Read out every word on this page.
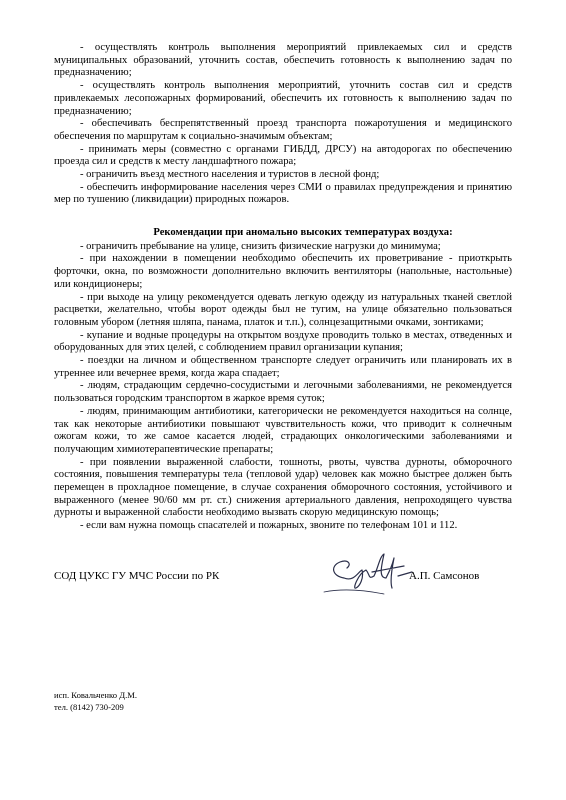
- осуществлять контроль выполнения мероприятий привлекаемых сил и средств муниципальных образований, уточнить состав, обеспечить готовность к выполнению задач по предназначению;

- осуществлять контроль выполнения мероприятий, уточнить состав сил и средств привлекаемых лесопожарных формирований, обеспечить их готовность к выполнению задач по предназначению;

- обеспечивать беспрепятственный проезд транспорта пожаротушения и медицинского обеспечения по маршрутам к социально-значимым объектам;

- принимать меры (совместно с органами ГИБДД, ДРСУ) на автодорогах по обеспечению проезда сил и средств к месту ландшафтного пожара;

- ограничить въезд местного населения и туристов в лесной фонд;

- обеспечить информирование населения через СМИ о правилах предупреждения и принятию мер по тушению (ликвидации) природных пожаров.

Рекомендации при аномально высоких температурах воздуха:

- ограничить пребывание на улице, снизить физические нагрузки до минимума;

- при нахождении в помещении необходимо обеспечить их проветривание - приоткрыть форточки, окна, по возможности дополнительно включить вентиляторы (напольные, настольные) или кондиционеры;

- при выходе на улицу рекомендуется одевать легкую одежду из натуральных тканей светлой расцветки, желательно, чтобы ворот одежды был не тугим, на улице обязательно пользоваться головным убором (летняя шляпа, панама, платок и т.п.), солнцезащитными очками, зонтиками;

- купание и водные процедуры на открытом воздухе проводить только в местах, отведенных и оборудованных для этих целей, с соблюдением правил организации купания;

- поездки на личном и общественном транспорте следует ограничить или планировать их в утреннее или вечернее время, когда жара спадает;

- людям, страдающим сердечно-сосудистыми и легочными заболеваниями, не рекомендуется пользоваться городским транспортом в жаркое время суток;

- людям, принимающим антибиотики, категорически не рекомендуется находиться на солнце, так как некоторые антибиотики повышают чувствительность кожи, что приводит к солнечным ожогам кожи, то же самое касается людей, страдающих онкологическими заболеваниями и получающим химиотерапевтические препараты;

- при появлении выраженной слабости, тошноты, рвоты, чувства дурноты, обморочного состояния, повышения температуры тела (тепловой удар) человек как можно быстрее должен быть перемещен в прохладное помещение, в случае сохранения обморочного состояния, устойчивого и выраженного (менее 90/60 мм рт. ст.) снижения артериального давления, непроходящего чувства дурноты и выраженной слабости необходимо вызвать скорую медицинскую помощь;

- если вам нужна помощь спасателей и пожарных, звоните по телефонам 101 и 112.

СОД ЦУКС ГУ МЧС России по РК	А.П. Самсонов
исп. Ковальченко Д.М.
тел. (8142) 730-209
